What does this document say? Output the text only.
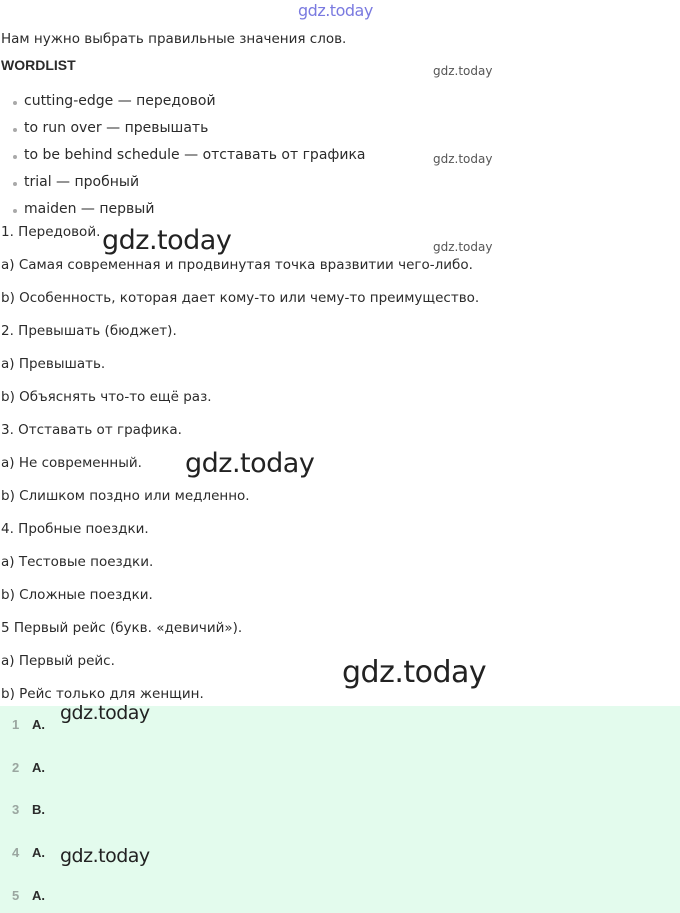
gdz.today
Нам нужно выбрать правильные значения слов.
WORDLIST
cutting-edge — передовой
to run over — превышать
to be behind schedule — отставать от графика
trial — пробный
maiden — первый
1. Передовой.
a) Самая современная и продвинутая точка вразвитии чего-либо.
b) Особенность, которая дает кому-то или чему-то преимущество.
2. Превышать (бюджет).
a) Превышать.
b) Объяснять что-то ещё раз.
3. Отставать от графика.
a) Не современный.
b) Слишком поздно или медленно.
4. Пробные поездки.
a) Тестовые поездки.
b) Сложные поездки.
5 Первый рейс (букв. «девичий»).
a) Первый рейс.
b) Рейс только для женщин.
1 A.
2 A.
3 B.
4 A.
5 A.
gdz.today
gdz.today
gdz.today
gdz.today
gdz.today
gdz.today
gdz.today
gdz.today
